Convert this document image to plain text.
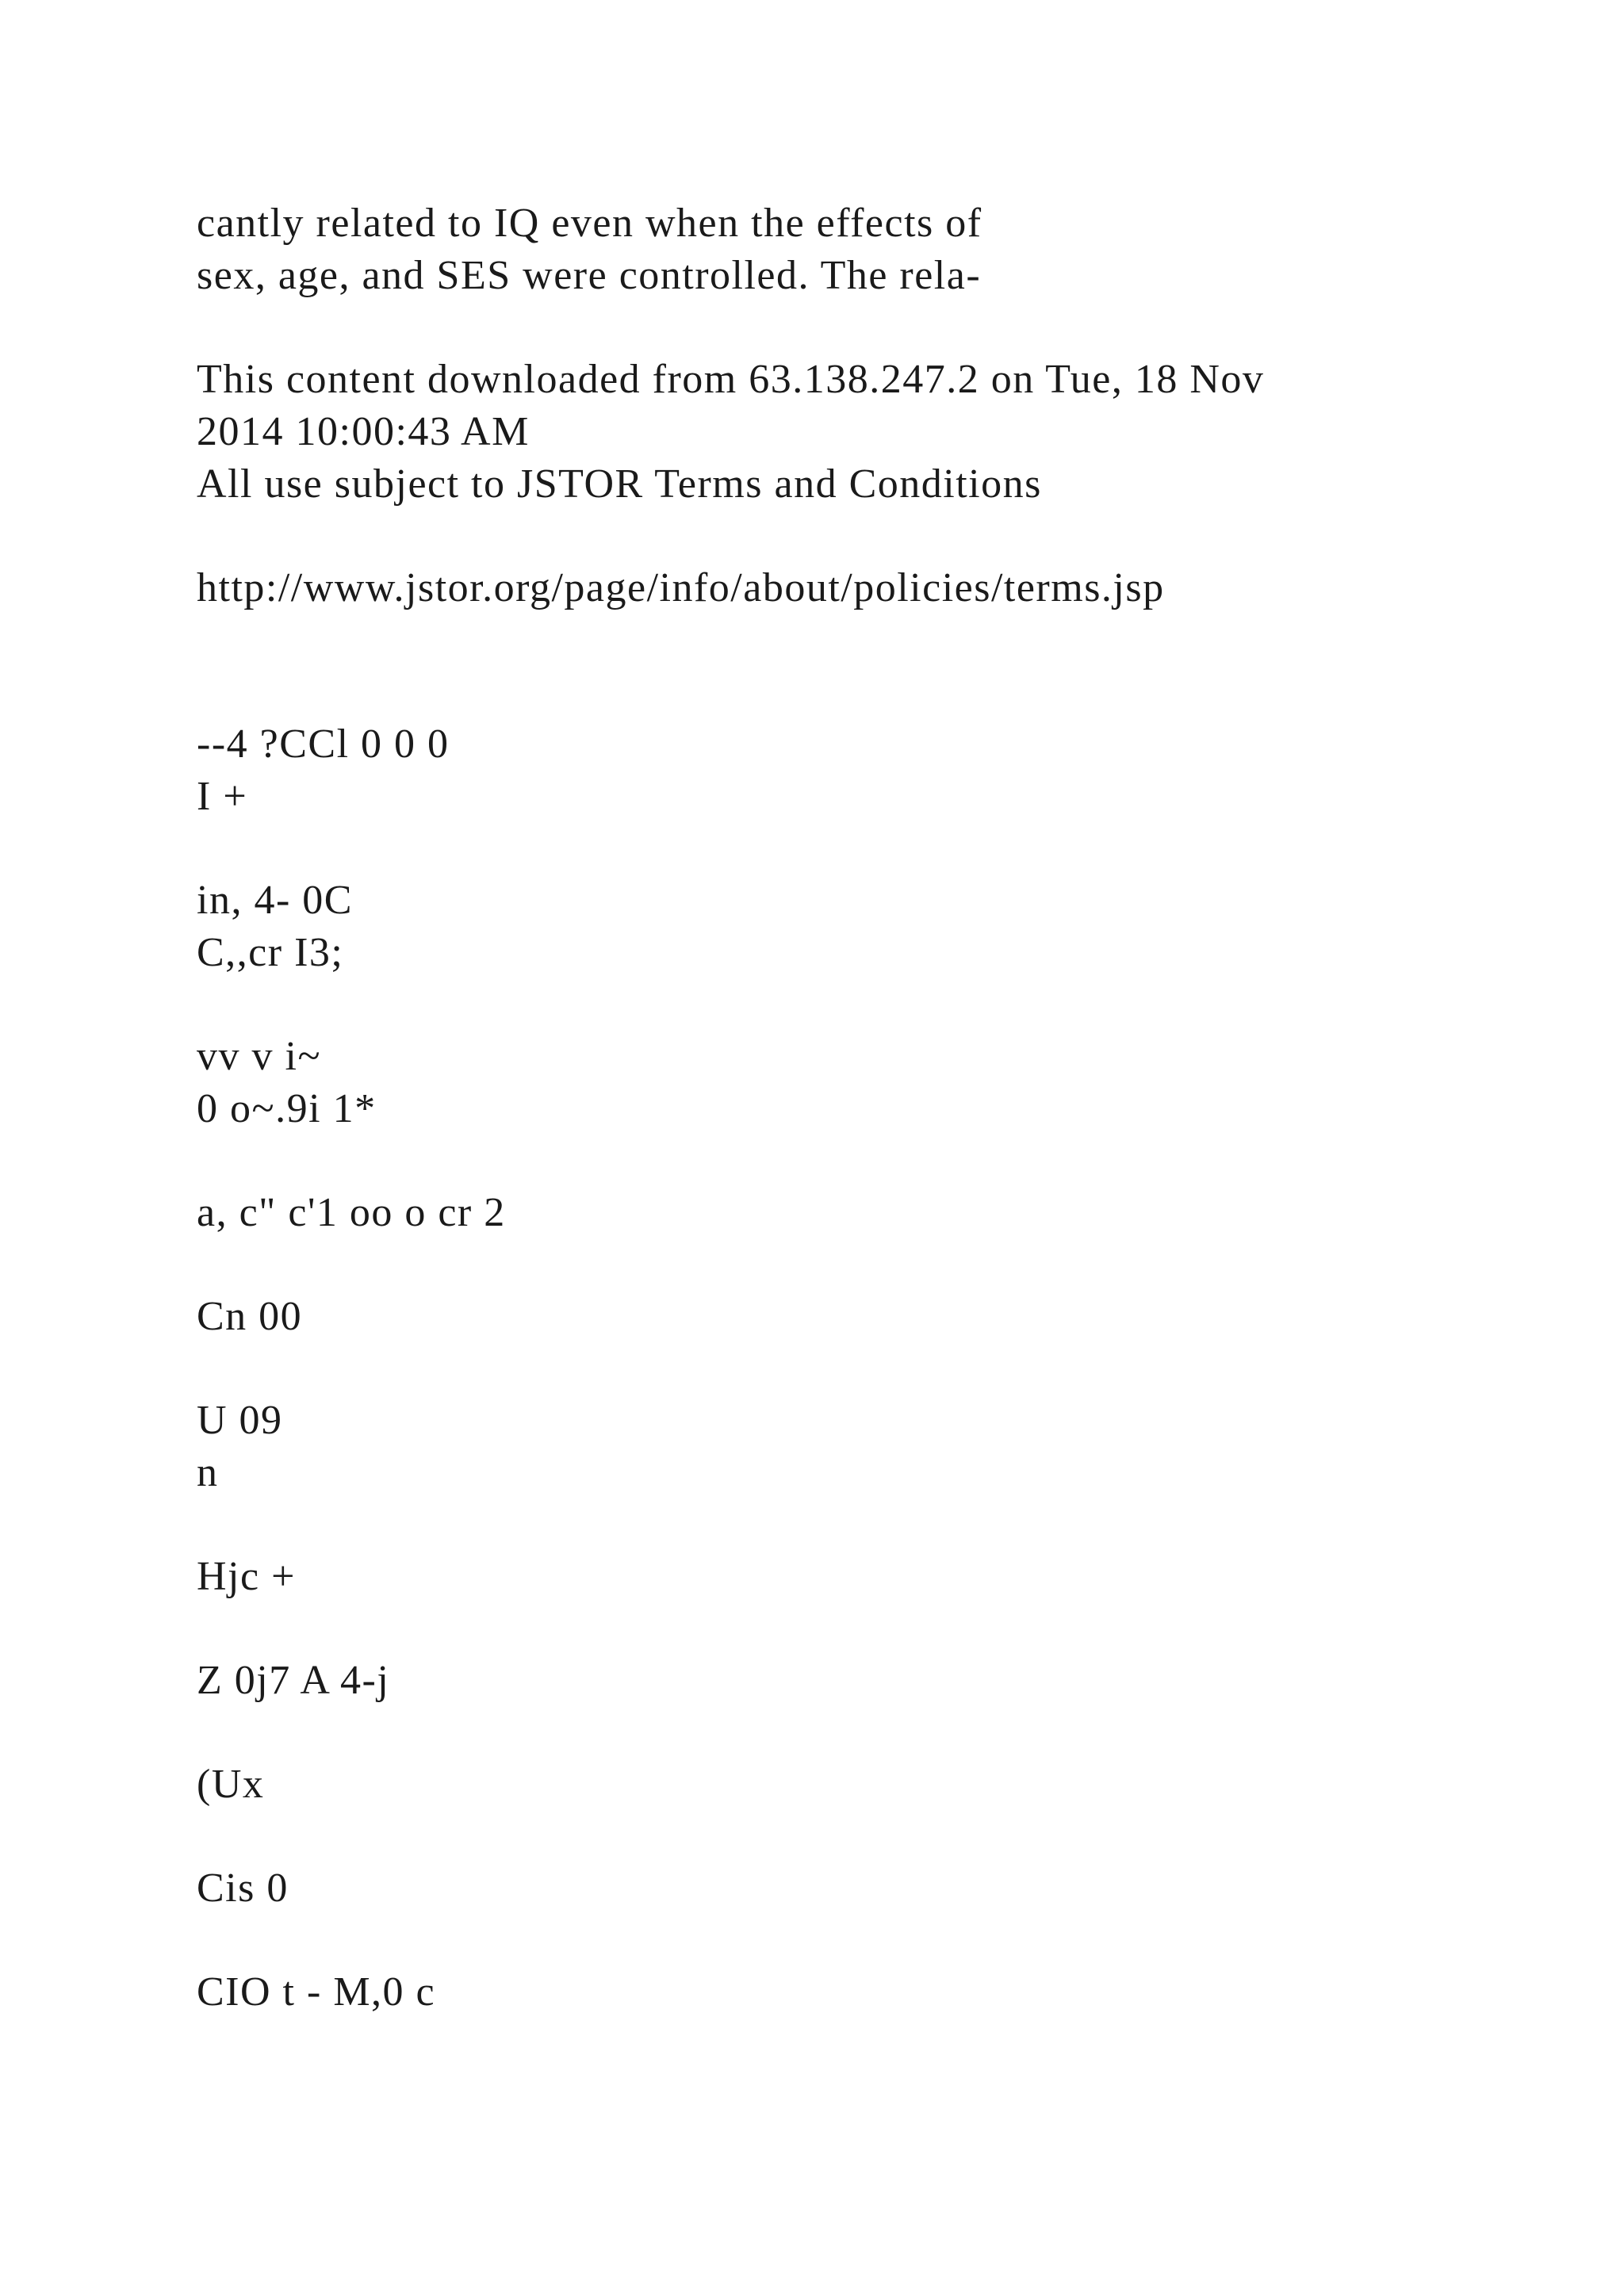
cantly related to IQ even when the effects of

sex, age, and SES were controlled. The rela-

This content downloaded from 63.138.247.2 on Tue, 18 Nov

2014 10:00:43 AM

All use subject to JSTOR Terms and Conditions

http://www.jstor.org/page/info/about/policies/terms.jsp

--4 ?CCl 0 0 0

I +

in, 4- 0C

C,,cr I3;

vv v i~

0 o~.9i 1*

a, c" c'1 oo o cr 2

Cn 00

U 09

n

Hjc +

Z 0j7 A 4-j

(Ux

Cis 0

CIO t - M,0 c
